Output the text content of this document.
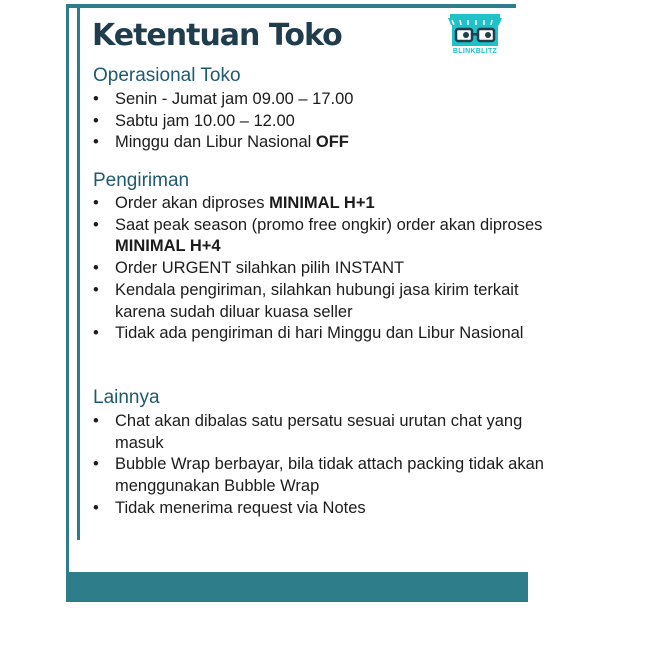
BLINKBLITZ
Ketentuan Toko
Operasional Toko
• Senin - Jumat jam 09.00 – 17.00
• Sabtu jam 10.00 – 12.00
• Minggu dan Libur Nasional OFF
Pengiriman
• Order akan diproses MINIMAL H+1
• Saat peak season (promo free ongkir) order akan diproses MINIMAL H+4
• Order URGENT silahkan pilih INSTANT
• Kendala pengiriman, silahkan hubungi jasa kirim terkait karena sudah diluar kuasa seller
• Tidak ada pengiriman di hari Minggu dan Libur Nasional
Lainnya
• Chat akan dibalas satu persatu sesuai urutan chat yang masuk
• Bubble Wrap berbayar, bila tidak attach packing tidak akan menggunakan Bubble Wrap
• Tidak menerima request via Notes
